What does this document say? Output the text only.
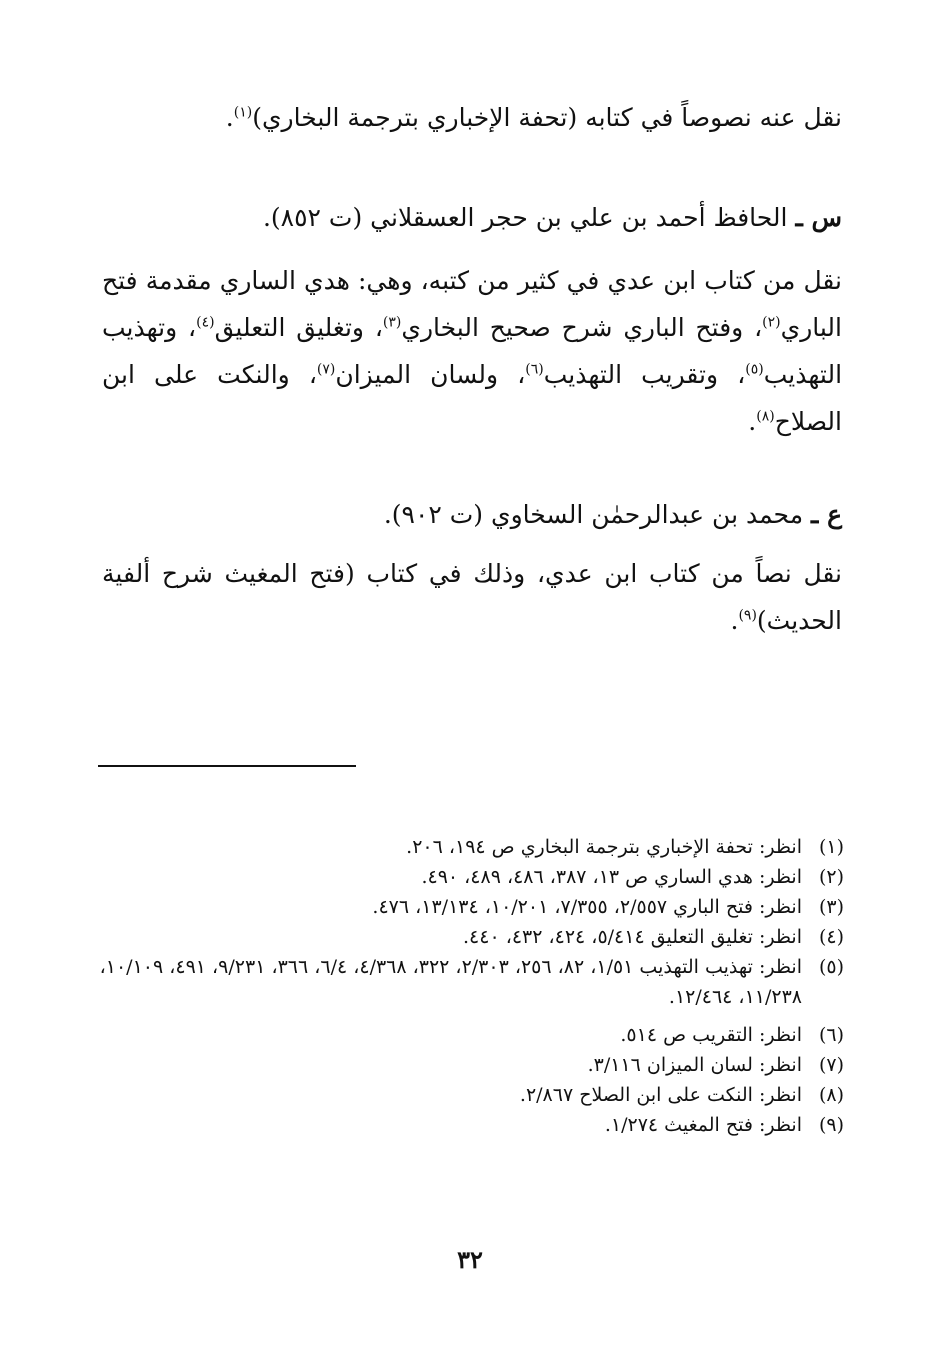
نقل عنه نصوصاً في كتابه (تحفة الإخباري بترجمة البخاري)$^{(١)}$.
س ـ الحافظ أحمد بن علي بن حجر العسقلاني (ت ٨٥٢).
نقل من كتاب ابن عدي في كثير من كتبه، وهي: هدي الساري مقدمة فتح الباري$^{(٢)}$، وفتح الباري شرح صحيح البخاري$^{(٣)}$، وتغليق التعليق$^{(٤)}$، وتهذيب التهذيب$^{(٥)}$، وتقريب التهذيب$^{(٦)}$، ولسان الميزان$^{(٧)}$، والنكت على ابن الصلاح$^{(٨)}$.
ع ـ محمد بن عبدالرحمٰن السخاوي (ت ٩٠٢).
نقل نصاً من كتاب ابن عدي، وذلك في كتاب (فتح المغيث شرح ألفية الحديث)$^{(٩)}$.
(١)
انظر: تحفة الإخباري بترجمة البخاري ص ١٩٤، ٢٠٦.
(٢)
انظر: هدي الساري ص ١٣، ٣٨٧، ٤٨٦، ٤٨٩، ٤٩٠.
(٣)
انظر: فتح الباري ٢/٥٥٧، ٧/٣٥٥، ١٠/٢٠١، ١٣/١٣٤، ٤٧٦.
(٤)
انظر: تغليق التعليق ٥/٤١٤، ٤٢٤، ٤٣٢، ٤٤٠.
(٥)
انظر: تهذيب التهذيب ١/٥١، ٨٢، ٢٥٦، ٢/٣٠٣، ٣٢٢، ٤/٣٦٨، ٦/٤، ٣٦٦، ٩/٢٣١، ٤٩١، ١٠/١٠٩، ١١/٢٣٨، ١٢/٤٦٤.
(٦)
انظر: التقريب ص ٥١٤.
(٧)
انظر: لسان الميزان ٣/١١٦.
(٨)
انظر: النكت على ابن الصلاح ٢/٨٦٧.
(٩)
انظر: فتح المغيث ١/٢٧٤.
٣٢
